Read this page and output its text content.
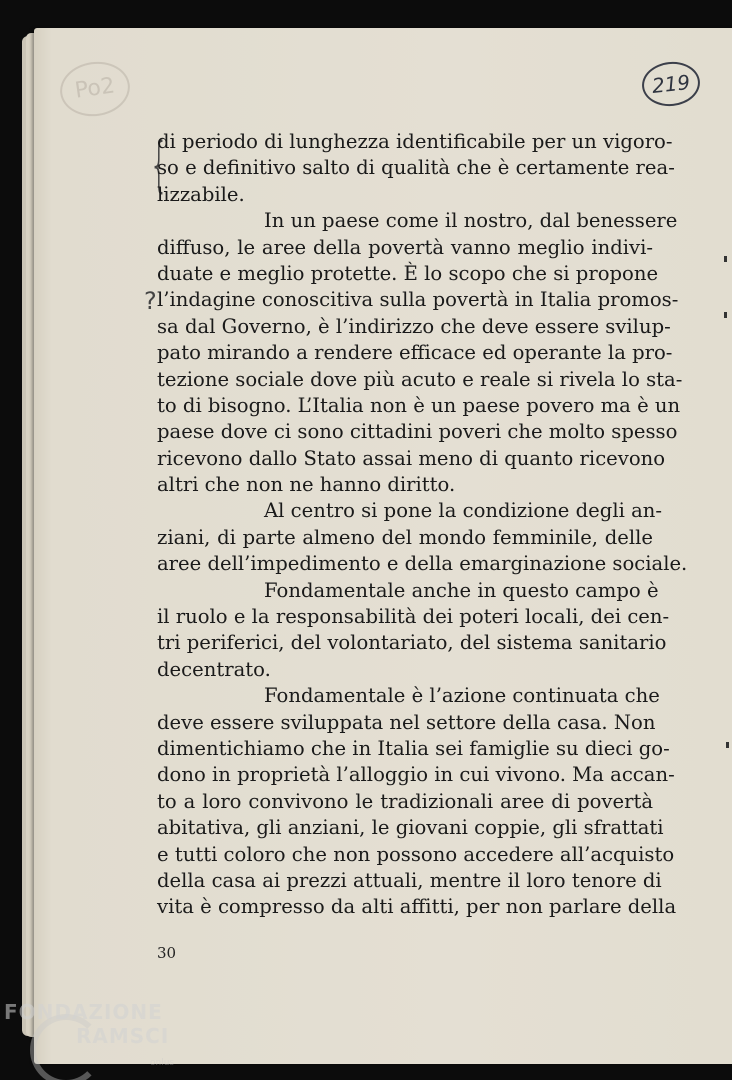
Po2	219
{
?
di periodo di lunghezza identificabile per un vigoro-
so e definitivo salto di qualità che è certamente rea-
lizzabile.
In un paese come il nostro, dal benessere
diffuso, le aree della povertà vanno meglio indivi-
duate e meglio protette. È lo scopo che si propone
l’indagine conoscitiva sulla povertà in Italia promos-
sa dal Governo, è l’indirizzo che deve essere svilup-
pato mirando a rendere efficace ed operante la pro-
tezione sociale dove più acuto e reale si rivela lo sta-
to di bisogno. L’Italia non è un paese povero ma è un
paese dove ci sono cittadini poveri che molto spesso
ricevono dallo Stato assai meno di quanto ricevono
altri che non ne hanno diritto.
Al centro si pone la condizione degli an-
ziani, di parte almeno del mondo femminile, delle
aree dell’impedimento e della emarginazione sociale.
Fondamentale anche in questo campo è
il ruolo e la responsabilità dei poteri locali, dei cen-
tri periferici, del volontariato, del sistema sanitario
decentrato.
Fondamentale è l’azione continuata che
deve essere sviluppata nel settore della casa. Non
dimentichiamo che in Italia sei famiglie su dieci go-
dono in proprietà l’alloggio in cui vivono. Ma accan-
to a loro convivono le tradizionali aree di povertà
abitativa, gli anziani, le giovani coppie, gli sfrattati
e tutti coloro che non possono accedere all’acquisto
della casa ai prezzi attuali, mentre il loro tenore di
vita è compresso da alti affitti, per non parlare della
30
FONDAZIONE
RAMSCI
onlus
